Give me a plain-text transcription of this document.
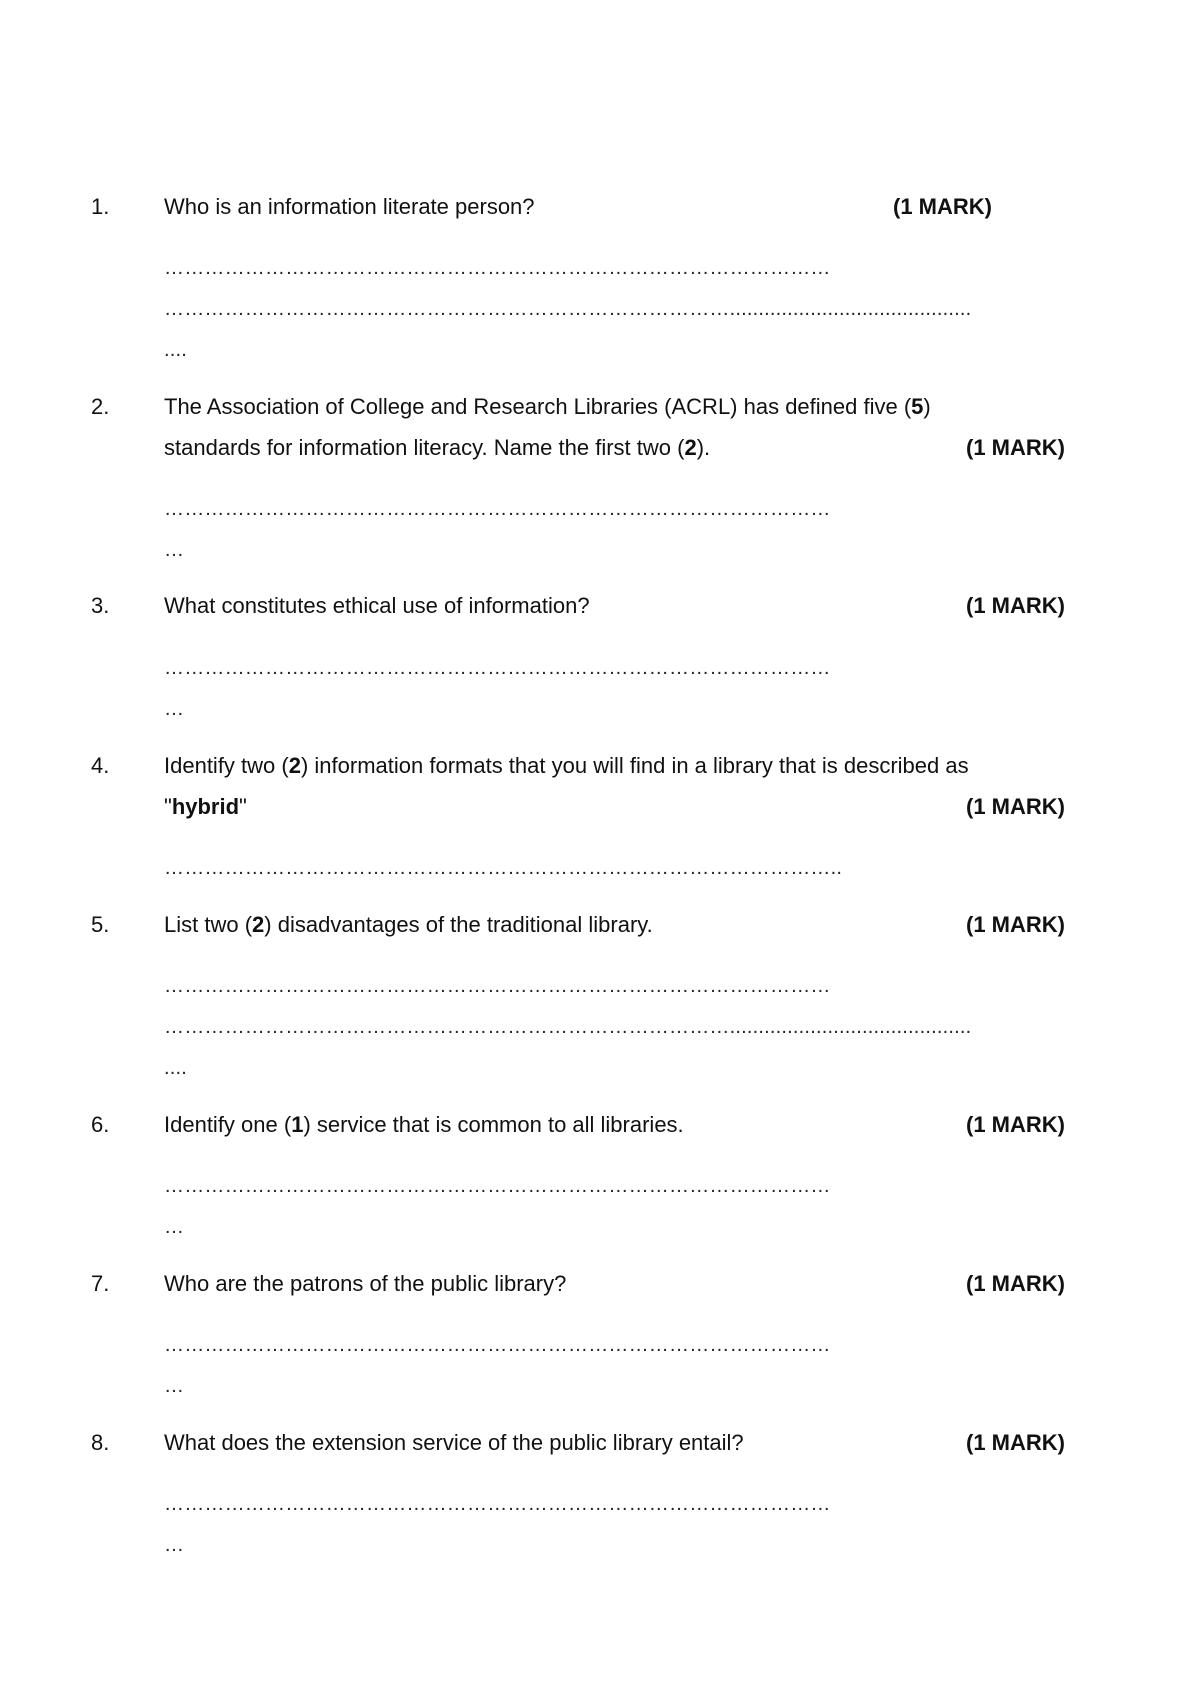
1. Who is an information literate person?	(1 MARK)
………………………………………………………………………………………
…………………………………………………………………………..........................................
....
2. The Association of College and Research Libraries (ACRL) has defined five (5)
standards for information literacy. Name the first two (2).	(1 MARK)
………………………………………………………………………………………
…
3. What constitutes ethical use of information?	(1 MARK)
………………………………………………………………………………………
…
4. Identify two (2) information formats that you will find in a library that is described as
"hybrid"	(1 MARK)
………………………………………………………………………………………..
5. List two (2) disadvantages of the traditional library.	(1 MARK)
………………………………………………………………………………………
…………………………………………………………………………..........................................
....
6. Identify one (1) service that is common to all libraries.	(1 MARK)
………………………………………………………………………………………
…
7. Who are the patrons of the public library?	(1 MARK)
………………………………………………………………………………………
…
8. What does the extension service of the public library entail?	(1 MARK)
………………………………………………………………………………………
…
